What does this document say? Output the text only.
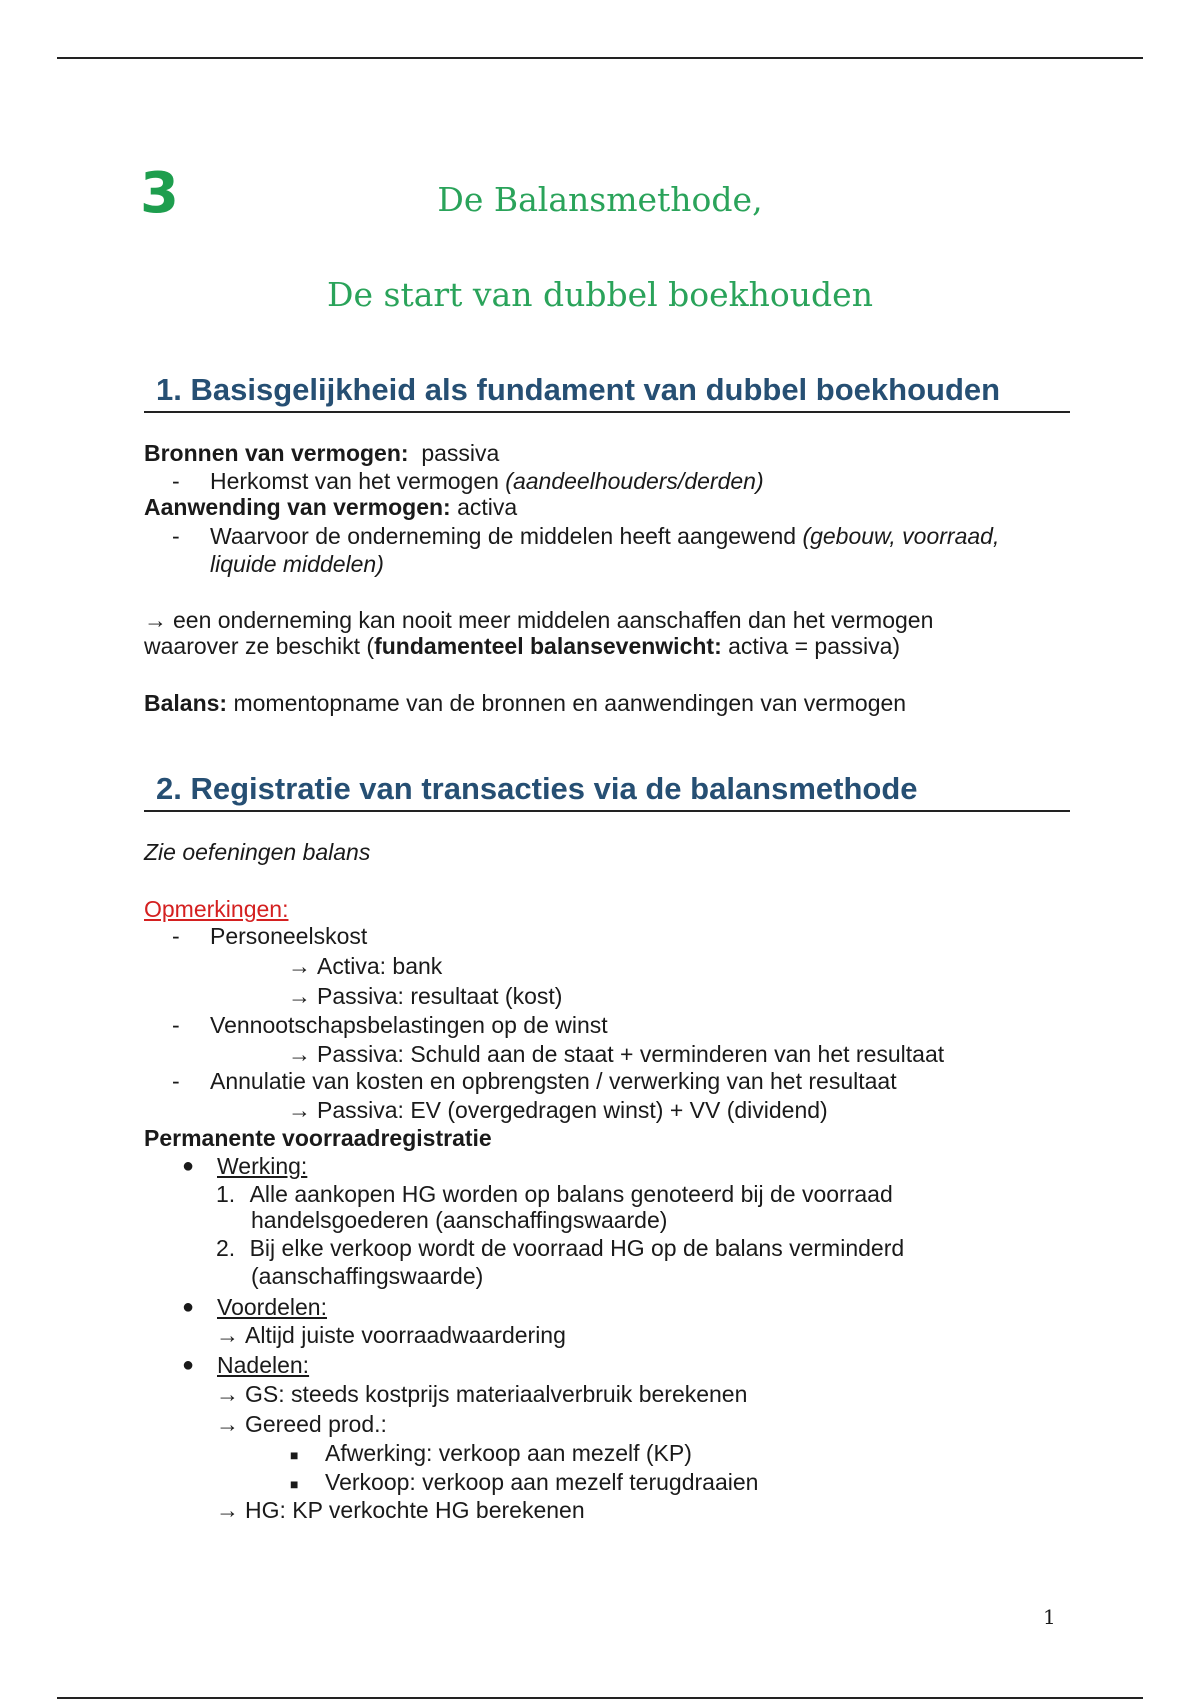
3	De Balansmethode,
De start van dubbel boekhouden
1. Basisgelijkheid als fundament van dubbel boekhouden
Bronnen van vermogen: passiva
- Herkomst van het vermogen (aandeelhouders/derden)
Aanwending van vermogen: activa
- Waarvoor de onderneming de middelen heeft aangewend (gebouw, voorraad,
liquide middelen)
→ een onderneming kan nooit meer middelen aanschaffen dan het vermogen
waarover ze beschikt (fundamenteel balansevenwicht: activa = passiva)
Balans: momentopname van de bronnen en aanwendingen van vermogen
2. Registratie van transacties via de balansmethode
Zie oefeningen balans
Opmerkingen:
- Personeelskost
→ Activa: bank
→ Passiva: resultaat (kost)
- Vennootschapsbelastingen op de winst
→ Passiva: Schuld aan de staat + verminderen van het resultaat
- Annulatie van kosten en opbrengsten / verwerking van het resultaat
→ Passiva: EV (overgedragen winst) + VV (dividend)
Permanente voorraadregistratie
● Werking:
1. Alle aankopen HG worden op balans genoteerd bij de voorraad
handelsgoederen (aanschaffingswaarde)
2. Bij elke verkoop wordt de voorraad HG op de balans verminderd
(aanschaffingswaarde)
● Voordelen:
→ Altijd juiste voorraadwaardering
● Nadelen:
→ GS: steeds kostprijs materiaalverbruik berekenen
→ Gereed prod.:
■ Afwerking: verkoop aan mezelf (KP)
■ Verkoop: verkoop aan mezelf terugdraaien
→ HG: KP verkochte HG berekenen
1
